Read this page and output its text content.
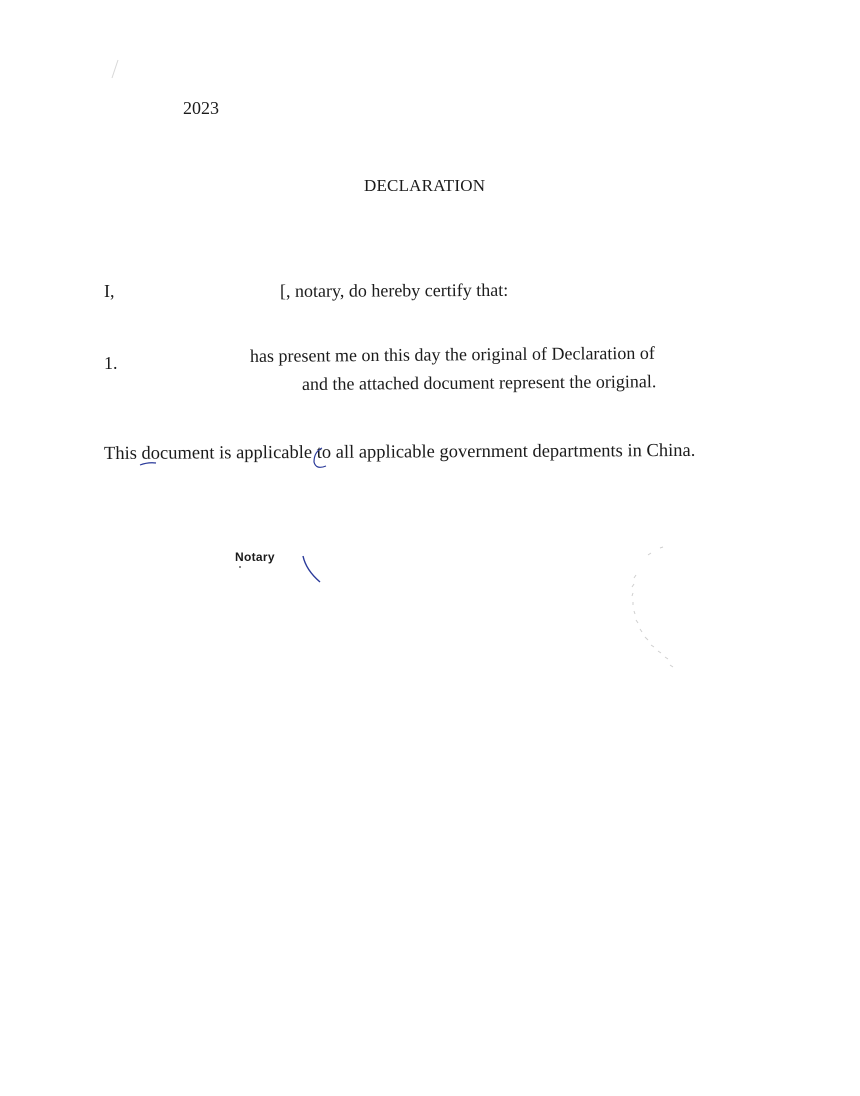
2023
DECLARATION
I,	[, notary, do hereby certify that:
1.	has present me on this day the original of Declaration of
and the attached document represent the original.
This document is applicable to all applicable government departments in China.
Notary
